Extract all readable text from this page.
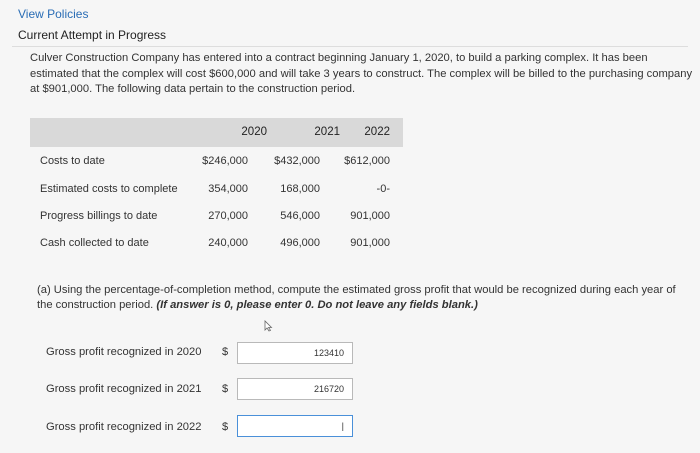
View Policies
Current Attempt in Progress
Culver Construction Company has entered into a contract beginning January 1, 2020, to build a parking complex. It has been estimated that the complex will cost $600,000 and will take 3 years to construct. The complex will be billed to the purchasing company at $901,000. The following data pertain to the construction period.
2020	2021	2022
Costs to date	$246,000	$432,000	$612,000
Estimated costs to complete	354,000	168,000	-0-
Progress billings to date	270,000	546,000	901,000
Cash collected to date	240,000	496,000	901,000
(a) Using the percentage-of-completion method, compute the estimated gross profit that would be recognized during each year of the construction period. (If answer is 0, please enter 0. Do not leave any fields blank.)
Gross profit recognized in 2020 $
123410
Gross profit recognized in 2021 $
216720
Gross profit recognized in 2022 $
|
